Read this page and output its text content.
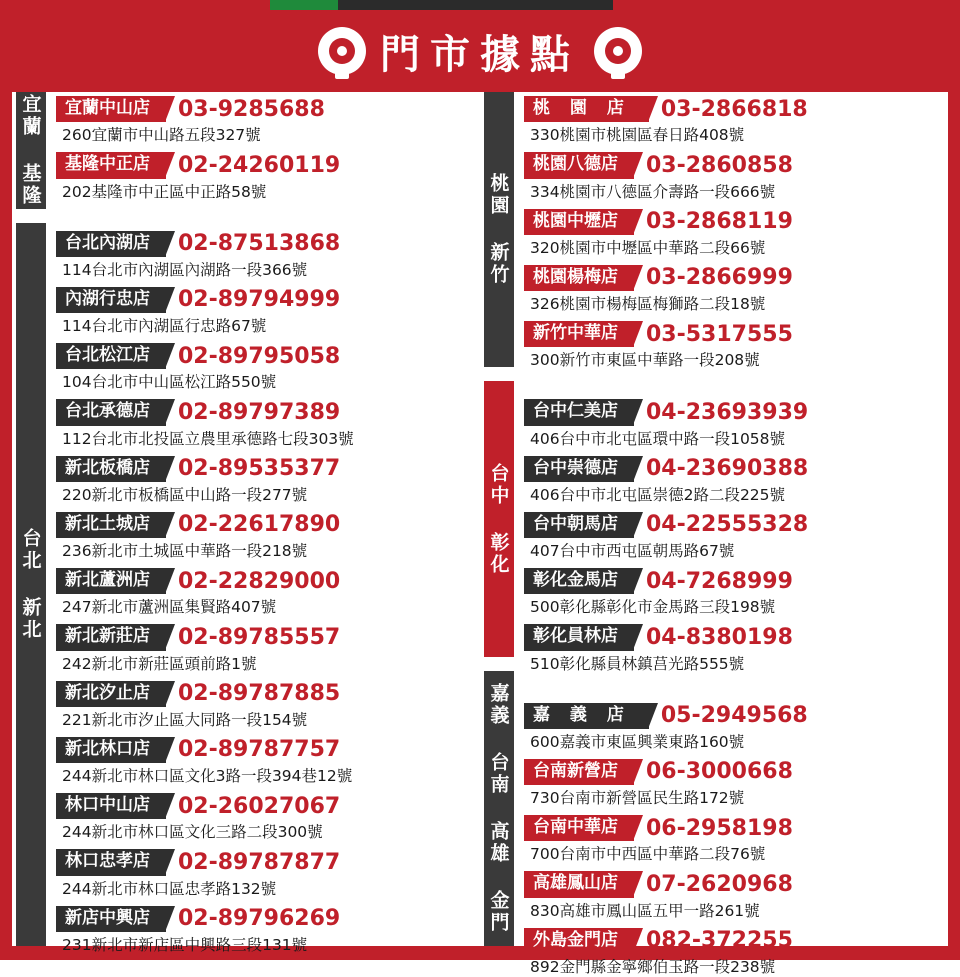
門市據點
宜蘭 基隆
台北 新北
宜蘭中山店	03-9285688
260宜蘭市中山路五段327號
基隆中正店	02-24260119
202基隆市中正區中正路58號
台北內湖店	02-87513868
114台北市內湖區內湖路一段366號
內湖行忠店	02-89794999
114台北市內湖區行忠路67號
台北松江店	02-89795058
104台北市中山區松江路550號
台北承德店	02-89797389
112台北市北投區立農里承德路七段303號
新北板橋店	02-89535377
220新北市板橋區中山路一段277號
新北土城店	02-22617890
236新北市土城區中華路一段218號
新北蘆洲店	02-22829000
247新北市蘆洲區集賢路407號
新北新莊店	02-89785557
242新北市新莊區頭前路1號
新北汐止店	02-89787885
221新北市汐止區大同路一段154號
新北林口店	02-89787757
244新北市林口區文化3路一段394巷12號
林口中山店	02-26027067
244新北市林口區文化三路二段300號
林口忠孝店	02-89787877
244新北市林口區忠孝路132號
新店中興店	02-89796269
231新北市新店區中興路三段131號
桃園 新竹
台中 彰化
嘉義 台南 高雄 金門
桃 園 店	03-2866818
330桃園市桃園區春日路408號
桃園八德店	03-2860858
334桃園市八德區介壽路一段666號
桃園中壢店	03-2868119
320桃園市中壢區中華路二段66號
桃園楊梅店	03-2866999
326桃園市楊梅區梅獅路二段18號
新竹中華店	03-5317555
300新竹市東區中華路一段208號
台中仁美店	04-23693939
406台中市北屯區環中路一段1058號
台中崇德店	04-23690388
406台中市北屯區崇德2路二段225號
台中朝馬店	04-22555328
407台中市西屯區朝馬路67號
彰化金馬店	04-7268999
500彰化縣彰化市金馬路三段198號
彰化員林店	04-8380198
510彰化縣員林鎮莒光路555號
嘉 義 店	05-2949568
600嘉義市東區興業東路160號
台南新營店	06-3000668
730台南市新營區民生路172號
台南中華店	06-2958198
700台南市中西區中華路二段76號
高雄鳳山店	07-2620968
830高雄市鳳山區五甲一路261號
外島金門店	082-372255
892金門縣金寧鄉伯玉路一段238號
